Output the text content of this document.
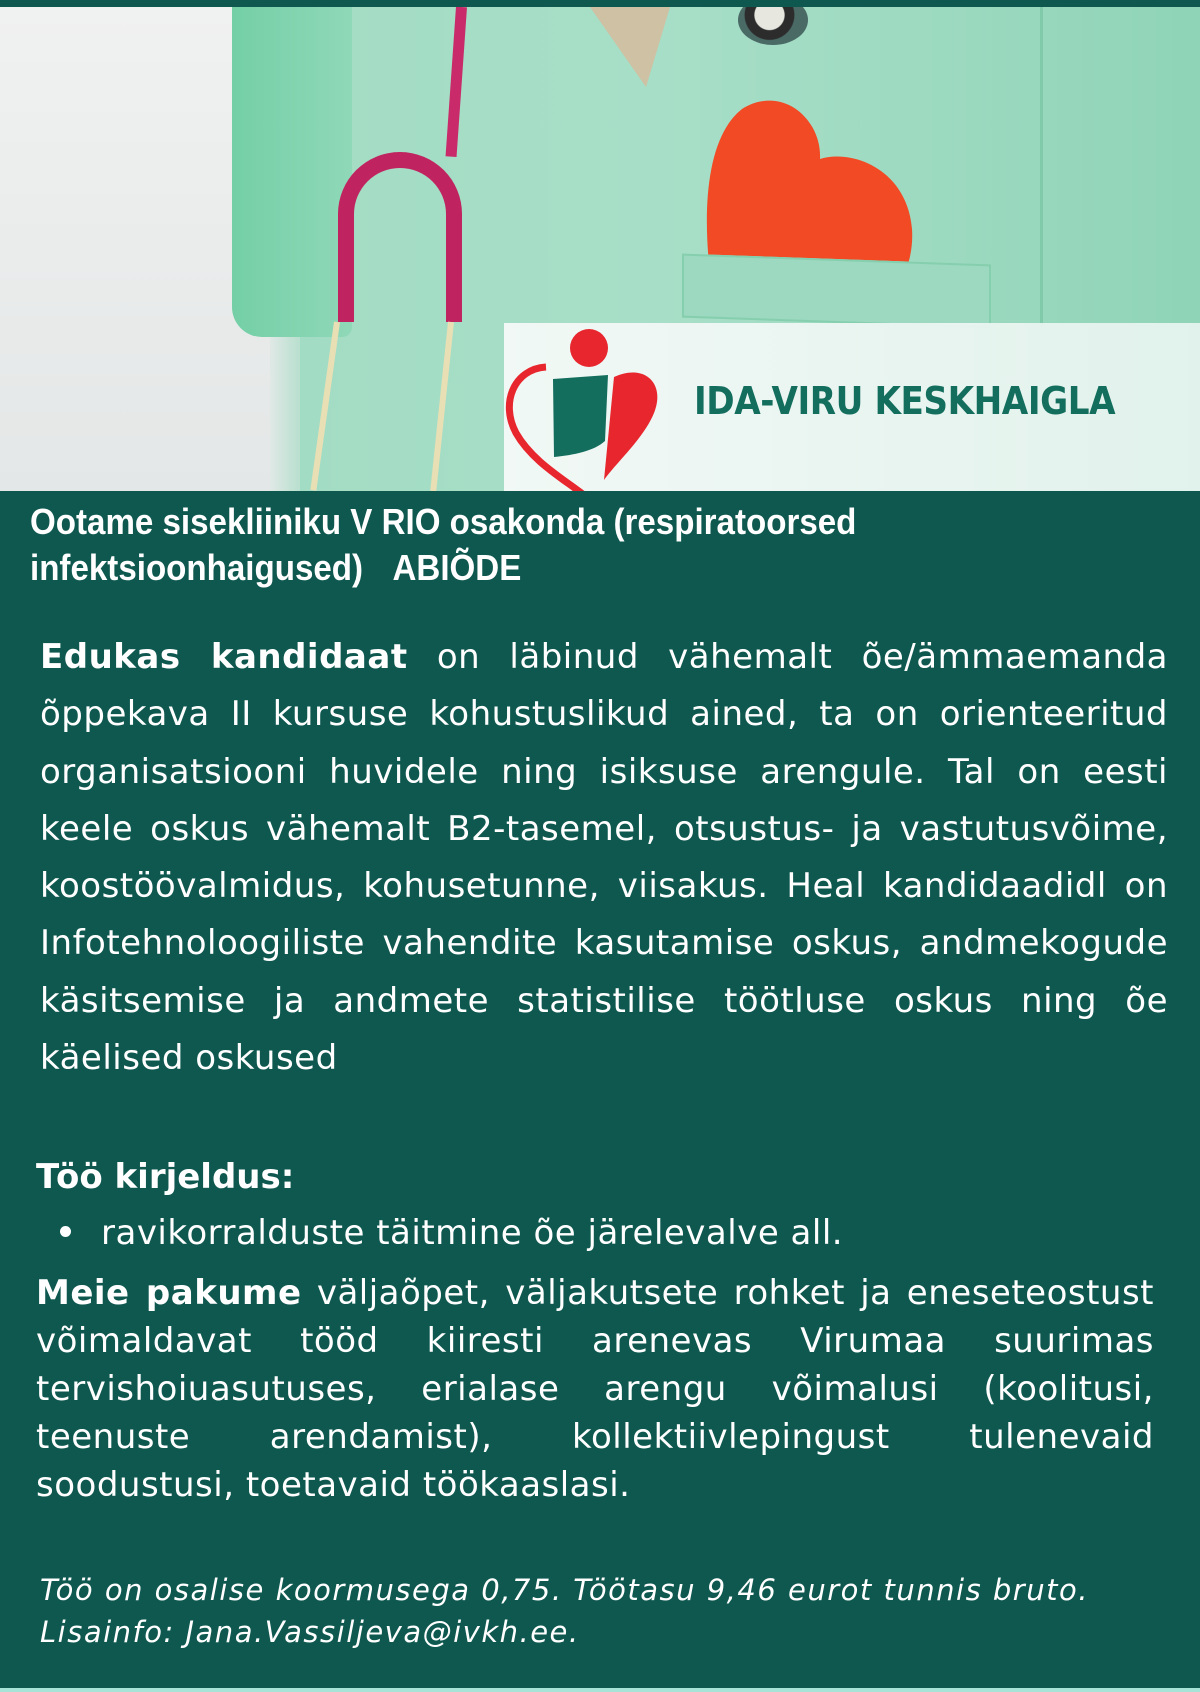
IDA-VIRU KESKHAIGLA
Ootame sisekliiniku V RIO osakonda (respiratoorsed infektsioonhaigused) ABIÕDE
Edukas kandidaat on läbinud vähemalt õe/ämmaemanda õppekava II kursuse kohustuslikud ained, ta on orienteeritud organisatsiooni huvidele ning isiksuse arengule. Tal on eesti keele oskus vähemalt B2-tasemel, otsustus- ja vastutusvõime, koostöövalmidus, kohusetunne, viisakus. Heal kandidaadidl on Infotehnoloogiliste vahendite kasutamise oskus, andmekogude käsitsemise ja andmete statistilise töötluse oskus ning õe käelised oskused
Töö kirjeldus:
ravikorralduste täitmine õe järelevalve all.
Meie pakume väljaõpet, väljakutsete rohket ja eneseteostust võimaldavat tööd kiiresti arenevas Virumaa suurimas tervishoiuasutuses, erialase arengu võimalusi (koolitusi, teenuste arendamist), kollektiivlepingust tulenevaid soodustusi, toetavaid töökaaslasi.
Töö on osalise koormusega 0,75. Töötasu 9,46 eurot tunnis bruto.
Lisainfo: Jana.Vassiljeva@ivkh.ee.
